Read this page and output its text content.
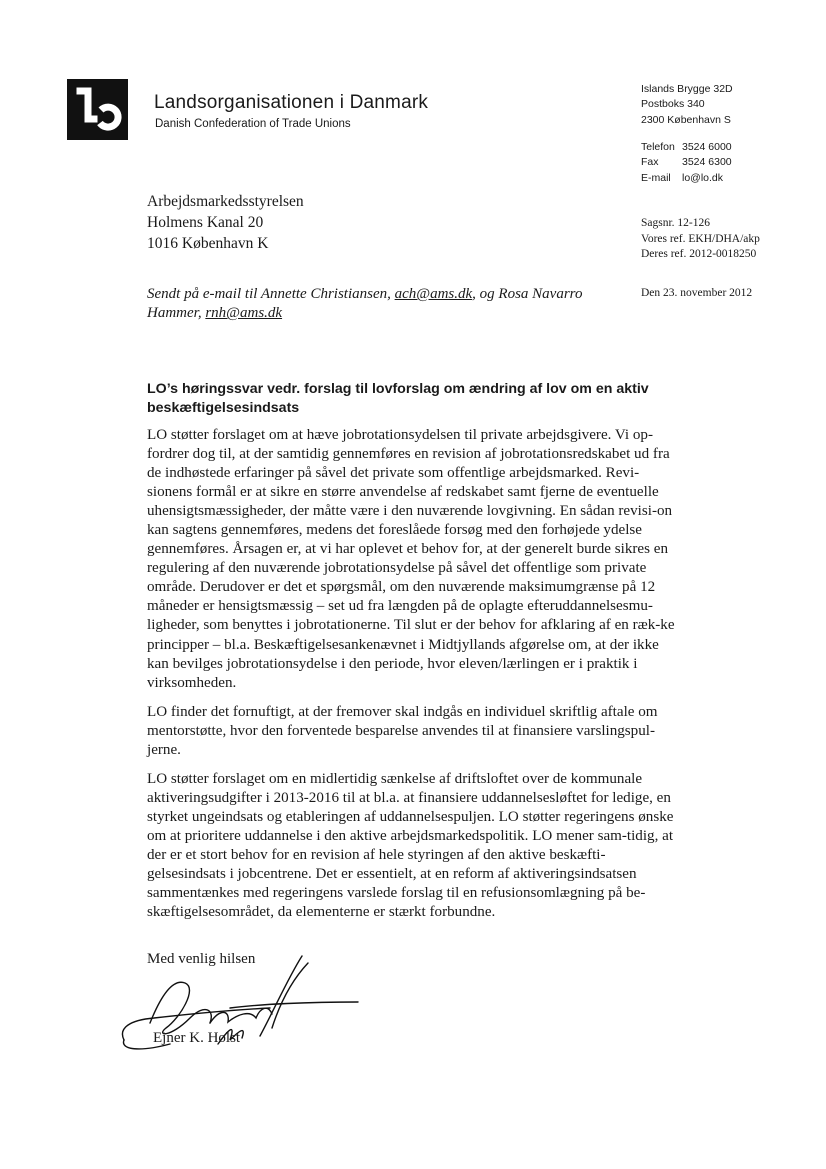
Landsorganisationen i Danmark
Danish Confederation of Trade Unions
Islands Brygge 32D
Postboks 340
2300 København S
Telefon 3524 6000
Fax 3524 6300
E-mail lo@lo.dk
Arbejdsmarkedsstyrelsen
Holmens Kanal 20
1016 København K
Sagsnr. 12-126
Vores ref. EKH/DHA/akp
Deres ref. 2012-0018250
Sendt på e-mail til Annette Christiansen, ach@ams.dk, og Rosa Navarro Hammer, rnh@ams.dk
Den 23. november 2012
LO’s høringssvar vedr. forslag til lovforslag om ændring af lov om en aktiv beskæftigelsesindsats

LO støtter forslaget om at hæve jobrotationsydelsen til private arbejdsgivere. Vi op-fordrer dog til, at der samtidig gennemføres en revision af jobrotationsredskabet ud fra de indhøstede erfaringer på såvel det private som offentlige arbejdsmarked. Revi-sionens formål er at sikre en større anvendelse af redskabet samt fjerne de eventuelle uhensigtsmæssigheder, der måtte være i den nuværende lovgivning. En sådan revisi-on kan sagtens gennemføres, medens det foreslåede forsøg med den forhøjede ydelse gennemføres. Årsagen er, at vi har oplevet et behov for, at der generelt burde sikres en regulering af den nuværende jobrotationsydelse på såvel det offentlige som private område. Derudover er det et spørgsmål, om den nuværende maksimumgrænse på 12 måneder er hensigtsmæssig – set ud fra længden på de oplagte efteruddannelsesmu-ligheder, som benyttes i jobrotationerne. Til slut er der behov for afklaring af en ræk-ke principper – bl.a. Beskæftigelsesankenævnet i Midtjyllands afgørelse om, at der ikke kan bevilges jobrotationsydelse i den periode, hvor eleven/lærlingen er i praktik i virksomheden.

LO finder det fornuftigt, at der fremover skal indgås en individuel skriftlig aftale om mentorstøtte, hvor den forventede besparelse anvendes til at finansiere varslingspul-jerne.

LO støtter forslaget om en midlertidig sænkelse af driftsloftet over de kommunale aktiveringsudgifter i 2013-2016 til at bl.a. at finansiere uddannelsesløftet for ledige, en styrket ungeindsats og etableringen af uddannelsespuljen. LO støtter regeringens ønske om at prioritere uddannelse i den aktive arbejdsmarkedspolitik. LO mener sam-tidig, at der er et stort behov for en revision af hele styringen af den aktive beskæfti-gelsesindsats i jobcentrene. Det er essentielt, at en reform af aktiveringsindsatsen sammentænkes med regeringens varslede forslag til en refusionsomlægning på be-skæftigelsesområdet, da elementerne er stærkt forbundne.

Med venlig hilsen
Ejner K. Holst
